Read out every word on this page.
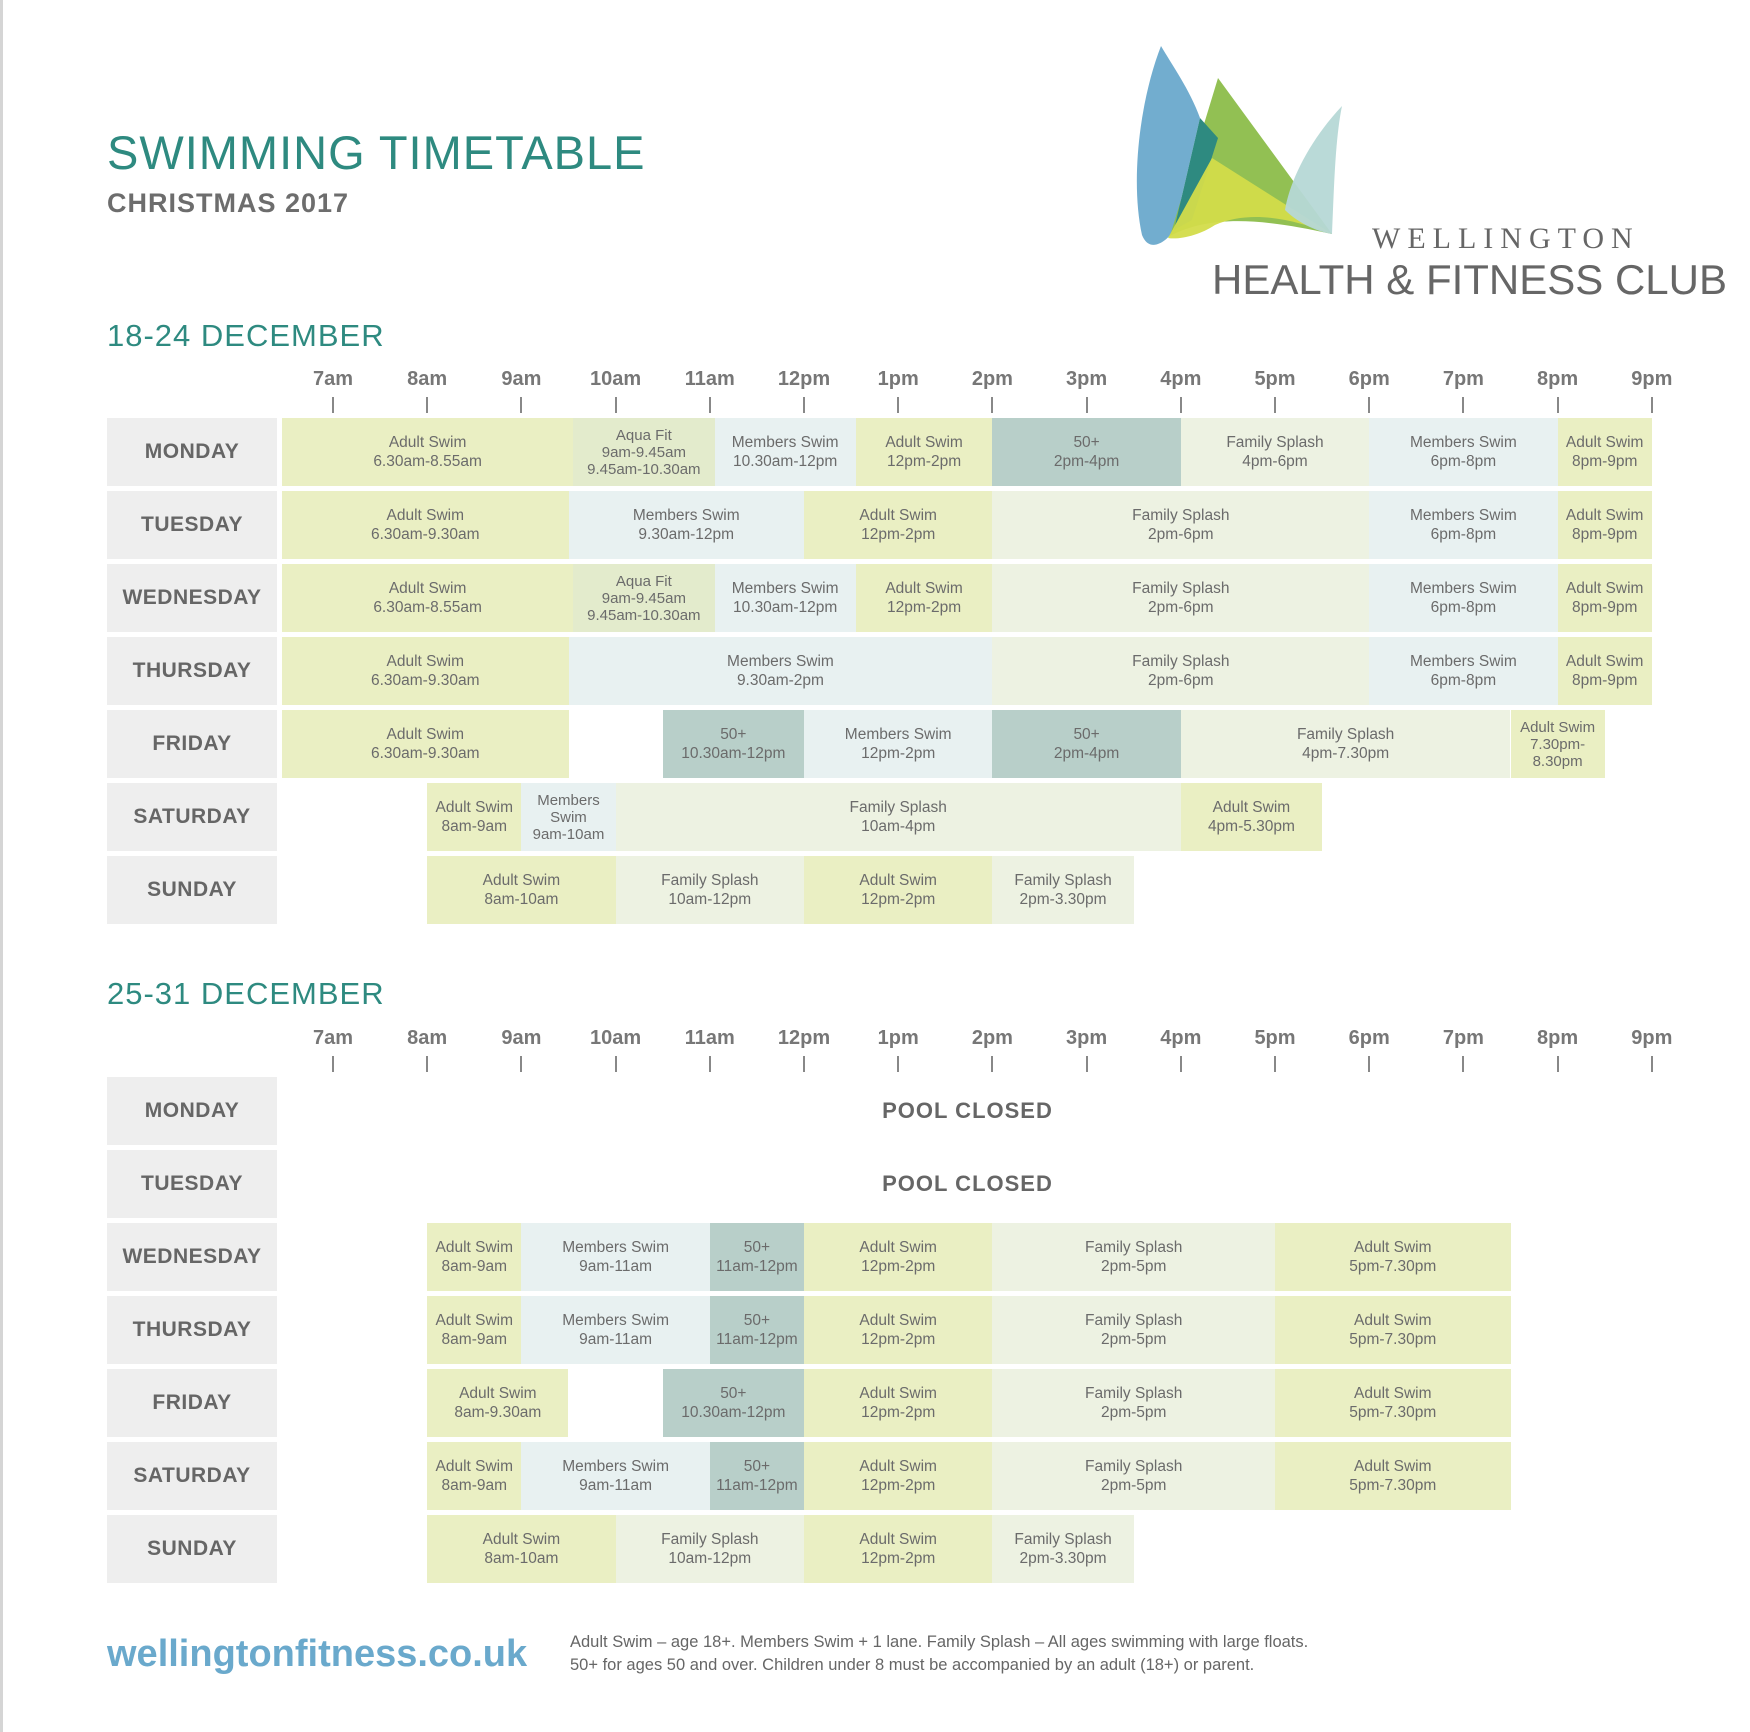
SWIMMING TIMETABLE
CHRISTMAS 2017
WELLINGTON
HEALTH & FITNESS CLUB
18-24 DECEMBER
7am	8am	9am	10am	11am	12pm	1pm	2pm	3pm	4pm	5pm	6pm	7pm	8pm	9pm
MONDAY	Adult Swim
6.30am-8.55am
Aqua Fit
9am-9.45am
9.45am-10.30am
Members Swim
10.30am-12pm
Adult Swim
12pm-2pm
50+
2pm-4pm
Family Splash
4pm-6pm
Members Swim
6pm-8pm
Adult Swim
8pm-9pm
TUESDAY	Adult Swim
6.30am-9.30am
Members Swim
9.30am-12pm
Adult Swim
12pm-2pm
Family Splash
2pm-6pm
Members Swim
6pm-8pm
Adult Swim
8pm-9pm
WEDNESDAY	Adult Swim
6.30am-8.55am
Aqua Fit
9am-9.45am
9.45am-10.30am
Members Swim
10.30am-12pm
Adult Swim
12pm-2pm
Family Splash
2pm-6pm
Members Swim
6pm-8pm
Adult Swim
8pm-9pm
THURSDAY	Adult Swim
6.30am-9.30am
Members Swim
9.30am-2pm
Family Splash
2pm-6pm
Members Swim
6pm-8pm
Adult Swim
8pm-9pm
FRIDAY	Adult Swim
6.30am-9.30am
50+
10.30am-12pm
Members Swim
12pm-2pm
50+
2pm-4pm
Family Splash
4pm-7.30pm
Adult Swim
7.30pm-
8.30pm
SATURDAY	Adult Swim
8am-9am
Members
Swim
9am-10am
Family Splash
10am-4pm
Adult Swim
4pm-5.30pm
SUNDAY	Adult Swim
8am-10am
Family Splash
10am-12pm
Adult Swim
12pm-2pm
Family Splash
2pm-3.30pm
25-31 DECEMBER
7am	8am	9am	10am	11am	12pm	1pm	2pm	3pm	4pm	5pm	6pm	7pm	8pm	9pm
MONDAY	POOL CLOSED
TUESDAY	POOL CLOSED
WEDNESDAY	Adult Swim
8am-9am
Members Swim
9am-11am
50+
11am-12pm
Adult Swim
12pm-2pm
Family Splash
2pm-5pm
Adult Swim
5pm-7.30pm
THURSDAY	Adult Swim
8am-9am
Members Swim
9am-11am
50+
11am-12pm
Adult Swim
12pm-2pm
Family Splash
2pm-5pm
Adult Swim
5pm-7.30pm
FRIDAY	Adult Swim
8am-9.30am
50+
10.30am-12pm
Adult Swim
12pm-2pm
Family Splash
2pm-5pm
Adult Swim
5pm-7.30pm
SATURDAY	Adult Swim
8am-9am
Members Swim
9am-11am
50+
11am-12pm
Adult Swim
12pm-2pm
Family Splash
2pm-5pm
Adult Swim
5pm-7.30pm
SUNDAY	Adult Swim
8am-10am
Family Splash
10am-12pm
Adult Swim
12pm-2pm
Family Splash
2pm-3.30pm
wellingtonfitness.co.uk	Adult Swim – age 18+. Members Swim + 1 lane. Family Splash – All ages swimming with large floats.
50+ for ages 50 and over. Children under 8 must be accompanied by an adult (18+) or parent.
